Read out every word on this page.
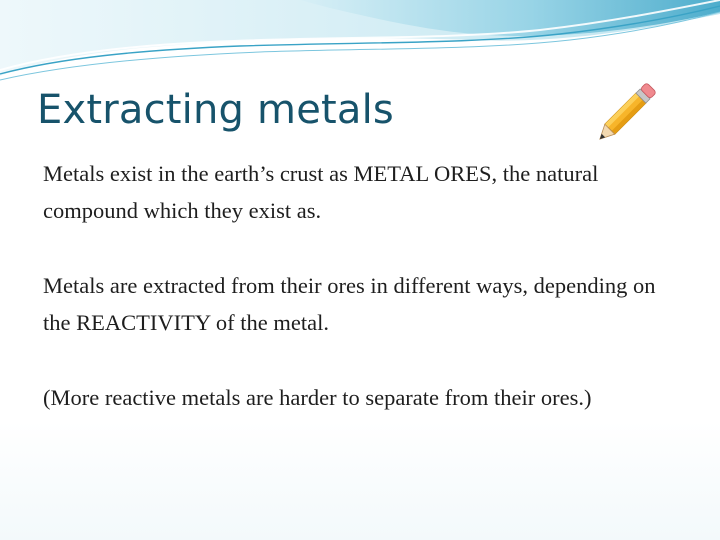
Extracting metals

Metals exist in the earth’s crust as METAL ORES, the natural compound which they exist as.

Metals are extracted from their ores in different ways, depending on the REACTIVITY of the metal.

(More reactive metals are harder to separate from their ores.)
